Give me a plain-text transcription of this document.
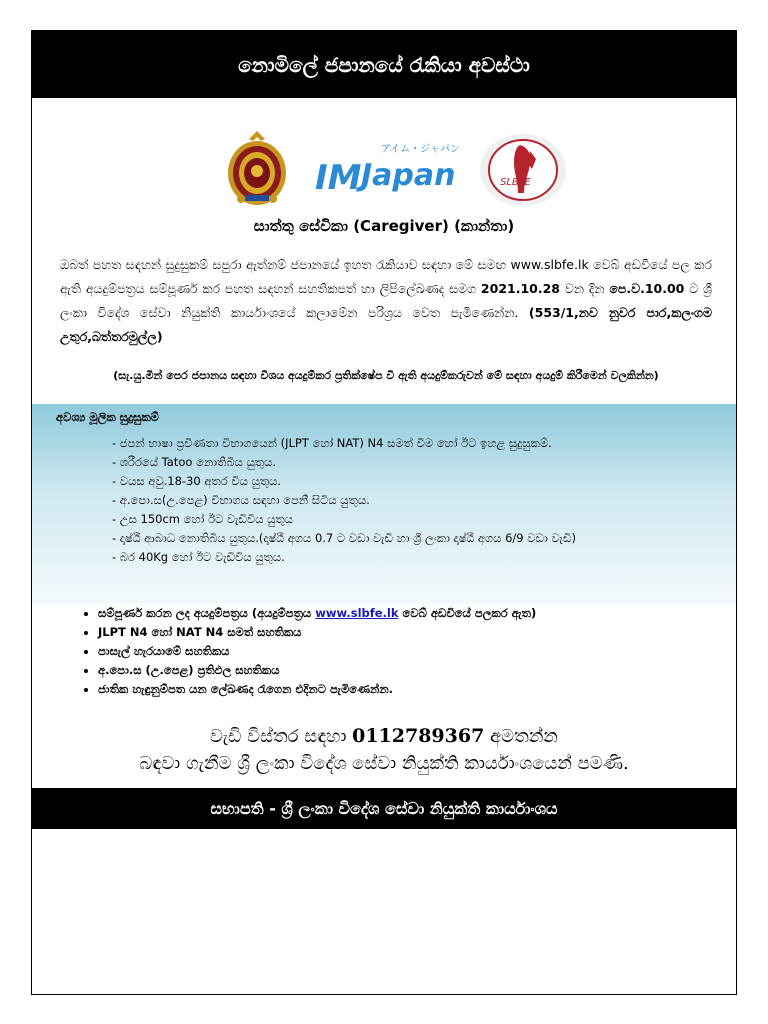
නොමිලේ ජපානයේ රැකියා අවස්ථා
アイム・ジャパン
IM Japan	SLBFE
සාත්තු සේවිකා (Caregiver) (කාන්තා)
ඔබත් පහත සඳහන් සුදුසුකම් සපුරා ඇත්නම් ජපානයේ ඉහත රැකියාව සඳහා මේ සමඟ www.slbfe.lk වෙබ් අඩවියේ පල කර ඇති අයදුම්පත්‍රය සම්පූර්ණ කර පහත සඳහන් සහතිකපත් හා ලිපිලේඛණද සමග 2021.10.28 වන දින පෙ.ව.10.00 ට ශ්‍රී ලංකා විදේශ සේවා නියුක්ති කාර්යාංශයේ කලාමේන පරිශ්‍රය වෙත පැමිණෙන්න. (553/1,නව නුවර පාර,කලංගම උතුර,බත්තරමුල්ල)
(සැ.යු.මින් පෙර ජපානය සඳහා විශය අයදුම්කර ප්‍රතික්ෂේප වී ඇති අයදුම්කරුවන් මේ සඳහා අයදුම් කිරීමෙන් වලකින්න)
අවශ්‍ය මූලික සුදුසුකම්
- ජපන් භාෂා ප්‍රවීණතා විභාගයෙන් (JLPT හෝ NAT) N4 සමත් වීම හෝ ඊට ඉහළ සුදුසුකම්.
- ශරීරයේ Tatoo නොතිබිය යුතුය.
- වයස අවු.18-30 අතර විය යුතුය.
- අ.පො.ස(උ.පෙළ) විභාගය සඳහා පෙනී සිටිය යුතුය.
- උස 150cm හෝ ඊට වැඩිවිය යුතුය
- දෘෂ්ඨී ආබාධ නොතිබිය යුතුය.(දෘෂ්ඨී අගය 0.7 ට වඩා වැඩි හා ශ්‍රී ලංකා දෘෂ්ඨී අගය 6/9 වඩා වැඩි)
- බර 40Kg හෝ ඊට වැඩිවිය යුතුය.
• සම්පූර්ණ කරන ලද අයදුම්පත්‍රය (අයදුම්පත්‍රය www.slbfe.lk වෙබ් අඩවියේ පලකර ඇත)
• JLPT N4 හෝ NAT N4 සමත් සහතිකය
• පාසැල් හැරයාමේ සහතිකය
• අ.පො.ස (උ.පෙළ) ප්‍රතිඵල සහතිකය
• ජාතික හැඳුනුම්පත යන ලේඛණද රැගෙන එදිනට පැමිණෙන්න.
වැඩි විස්තර සඳහා 0112789367 අමතන්න
බඳවා ගැනීම ශ්‍රී ලංකා විදේශ සේවා නියුක්ති කාර්යාංශයෙන් පමණි.
සභාපති - ශ්‍රී ලංකා විදේශ සේවා නියුක්ති කාර්යාංශය
